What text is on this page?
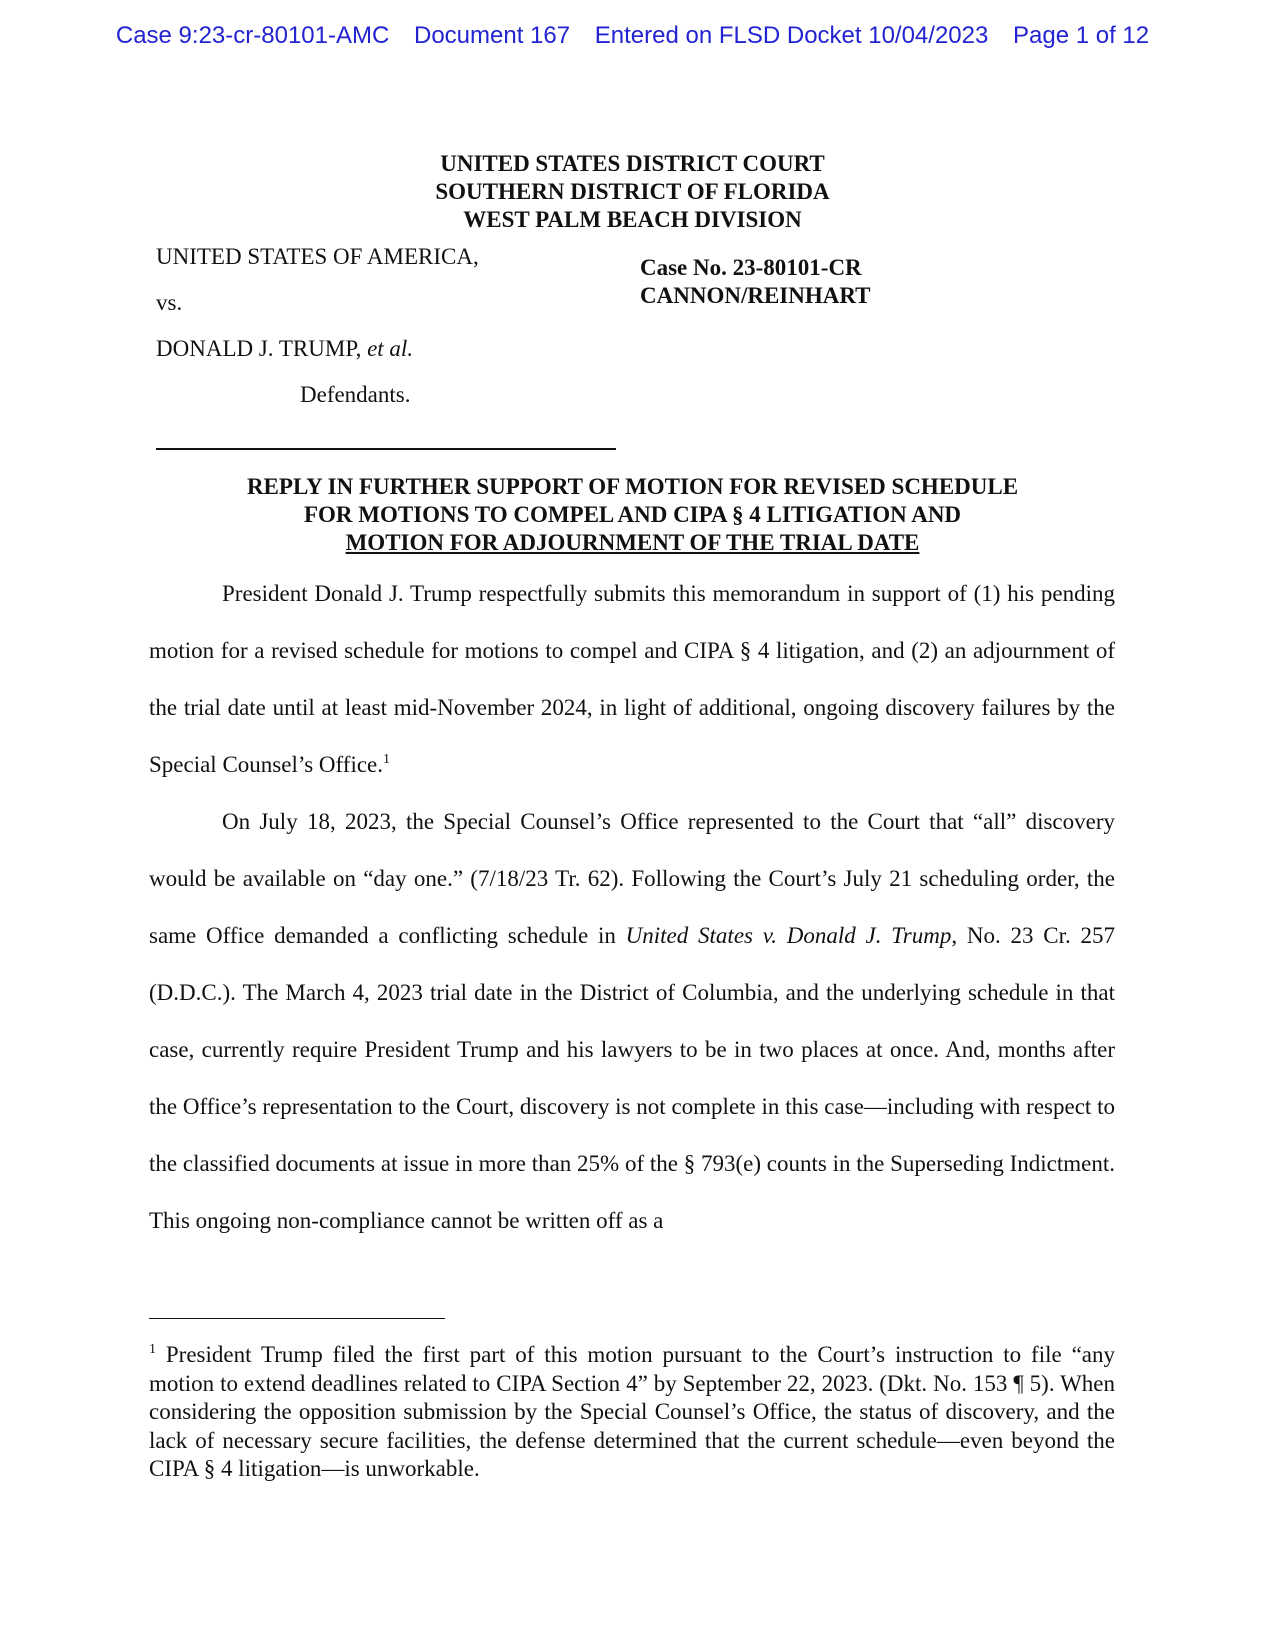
Case 9:23-cr-80101-AMC Document 167 Entered on FLSD Docket 10/04/2023 Page 1 of 12
UNITED STATES DISTRICT COURT
SOUTHERN DISTRICT OF FLORIDA
WEST PALM BEACH DIVISION
UNITED STATES OF AMERICA,
vs.
DONALD J. TRUMP, et al.
Defendants.
Case No. 23-80101-CR
CANNON/REINHART
REPLY IN FURTHER SUPPORT OF MOTION FOR REVISED SCHEDULE
FOR MOTIONS TO COMPEL AND CIPA § 4 LITIGATION AND
MOTION FOR ADJOURNMENT OF THE TRIAL DATE

President Donald J. Trump respectfully submits this memorandum in support of (1) his pending motion for a revised schedule for motions to compel and CIPA § 4 litigation, and (2) an adjournment of the trial date until at least mid-November 2024, in light of additional, ongoing discovery failures by the Special Counsel’s Office.$^1$

On July 18, 2023, the Special Counsel’s Office represented to the Court that “all” discovery would be available on “day one.” (7/18/23 Tr. 62). Following the Court’s July 21 scheduling order, the same Office demanded a conflicting schedule in United States v. Donald J. Trump, No. 23 Cr. 257 (D.D.C.). The March 4, 2023 trial date in the District of Columbia, and the underlying schedule in that case, currently require President Trump and his lawyers to be in two places at once. And, months after the Office’s representation to the Court, discovery is not complete in this case—including with respect to the classified documents at issue in more than 25% of the § 793(e) counts in the Superseding Indictment. This ongoing non-compliance cannot be written off as a

$^1$ President Trump filed the first part of this motion pursuant to the Court’s instruction to file “any motion to extend deadlines related to CIPA Section 4” by September 22, 2023. (Dkt. No. 153 ¶ 5). When considering the opposition submission by the Special Counsel’s Office, the status of discovery, and the lack of necessary secure facilities, the defense determined that the current schedule—even beyond the CIPA § 4 litigation—is unworkable.
